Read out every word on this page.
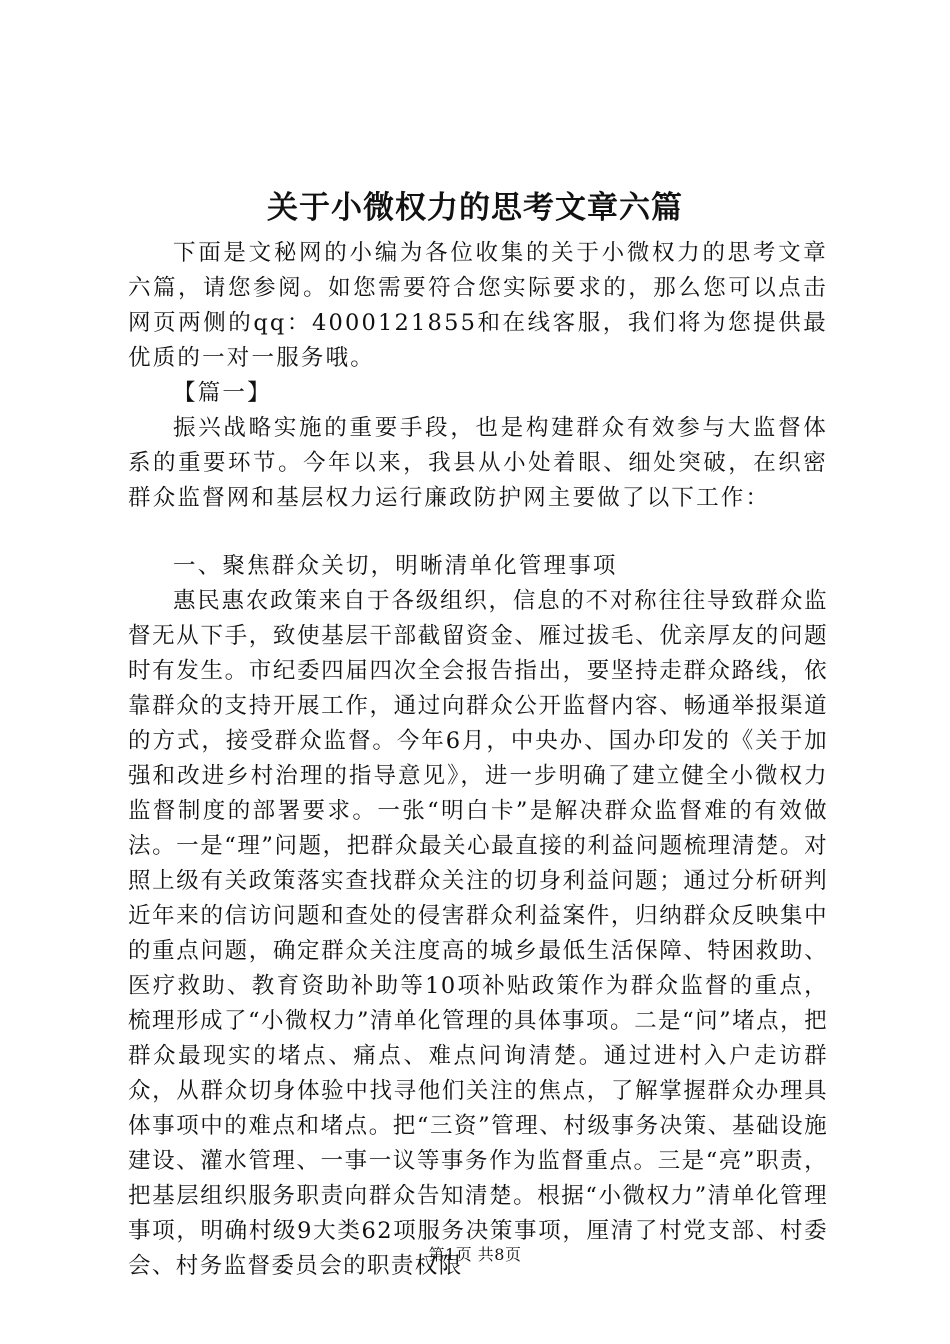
关于小微权力的思考文章六篇

下面是文秘网的小编为各位收集的关于小微权力的思考文章六篇，请您参阅。如您需要符合您实际要求的，那么您可以点击网页两侧的qq：4000121855和在线客服，我们将为您提供最优质的一对一服务哦。

【篇一】

振兴战略实施的重要手段，也是构建群众有效参与大监督体系的重要环节。今年以来，我县从小处着眼、细处突破，在织密群众监督网和基层权力运行廉政防护网主要做了以下工作：

一、聚焦群众关切，明晰清单化管理事项

惠民惠农政策来自于各级组织，信息的不对称往往导致群众监督无从下手，致使基层干部截留资金、雁过拔毛、优亲厚友的问题时有发生。市纪委四届四次全会报告指出，要坚持走群众路线，依靠群众的支持开展工作，通过向群众公开监督内容、畅通举报渠道的方式，接受群众监督。今年6月，中央办、国办印发的《关于加强和改进乡村治理的指导意见》，进一步明确了建立健全小微权力监督制度的部署要求。一张“明白卡”是解决群众监督难的有效做法。一是“理”问题，把群众最关心最直接的利益问题梳理清楚。对照上级有关政策落实查找群众关注的切身利益问题；通过分析研判近年来的信访问题和查处的侵害群众利益案件，归纳群众反映集中的重点问题，确定群众关注度高的城乡最低生活保障、特困救助、医疗救助、教育资助补助等10项补贴政策作为群众监督的重点，梳理形成了“小微权力”清单化管理的具体事项。二是“问”堵点，把群众最现实的堵点、痛点、难点问询清楚。通过进村入户走访群众，从群众切身体验中找寻他们关注的焦点，了解掌握群众办理具体事项中的难点和堵点。把“三资”管理、村级事务决策、基础设施建设、灌水管理、一事一议等事务作为监督重点。三是“亮”职责，把基层组织服务职责向群众告知清楚。根据“小微权力”清单化管理事项，明确村级9大类62项服务决策事项，厘清了村党支部、村委会、村务监督委员会的职责权限

第1页 共8页
